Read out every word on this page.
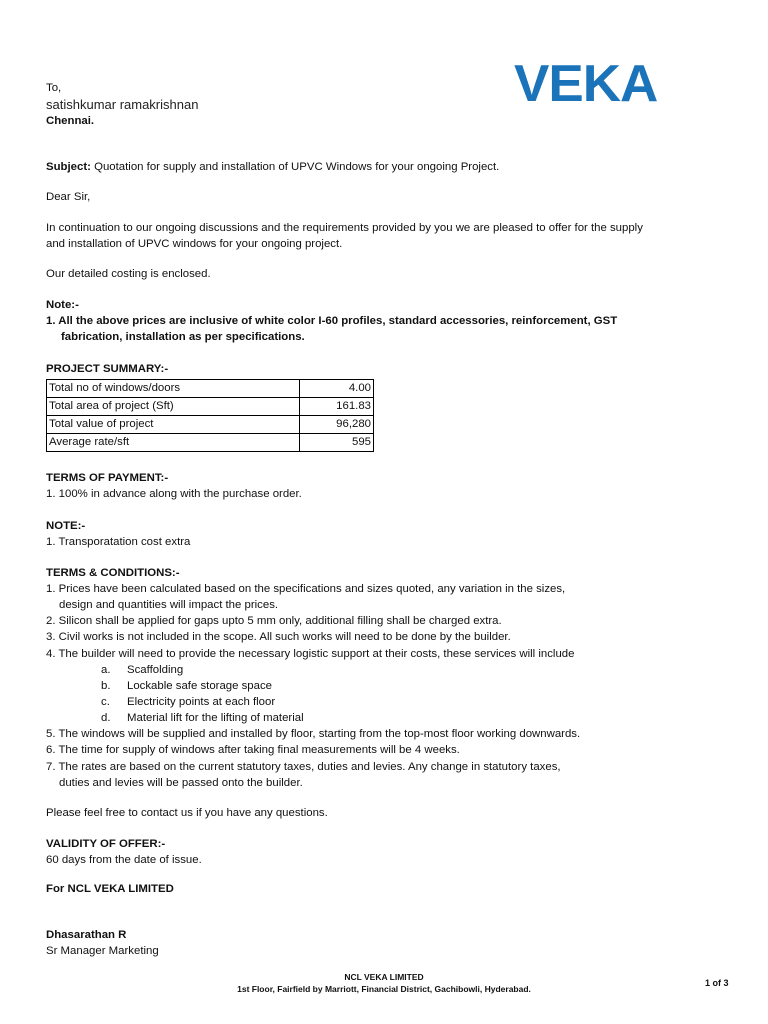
VEKA
To,
satishkumar ramakrishnan
Chennai.
Subject: Quotation for supply and installation of UPVC Windows for your ongoing Project.
Dear Sir,
In continuation to our ongoing discussions and the requirements provided by you we are pleased to offer for the supply
and installation of UPVC windows for your ongoing project.
Our detailed costing is enclosed.
Note:-
1. All the above prices are inclusive of white color I-60 profiles, standard accessories, reinforcement, GST
fabrication, installation as per specifications.
PROJECT SUMMARY:-
Total no of windows/doors	4.00
Total area of project (Sft)	161.83
Total value of project	96,280
Average rate/sft	595
TERMS OF PAYMENT:-
1. 100% in advance along with the purchase order.
NOTE:-
1. Transporatation cost extra
TERMS & CONDITIONS:-
1. Prices have been calculated based on the specifications and sizes quoted, any variation in the sizes,
design and quantities will impact the prices.
2. Silicon shall be applied for gaps upto 5 mm only, additional filling shall be charged extra.
3. Civil works is not included in the scope. All such works will need to be done by the builder.
4. The builder will need to provide the necessary logistic support at their costs, these services will include
a. Scaffolding
b. Lockable safe storage space
c. Electricity points at each floor
d. Material lift for the lifting of material
5. The windows will be supplied and installed by floor, starting from the top-most floor working downwards.
6. The time for supply of windows after taking final measurements will be 4 weeks.
7. The rates are based on the current statutory taxes, duties and levies. Any change in statutory taxes,
duties and levies will be passed onto the builder.
Please feel free to contact us if you have any questions.
VALIDITY OF OFFER:-
60 days from the date of issue.
For NCL VEKA LIMITED
Dhasarathan R
Sr Manager Marketing
NCL VEKA LIMITED
1st Floor, Fairfield by Marriott, Financial District, Gachibowli, Hyderabad.
1 of 3
